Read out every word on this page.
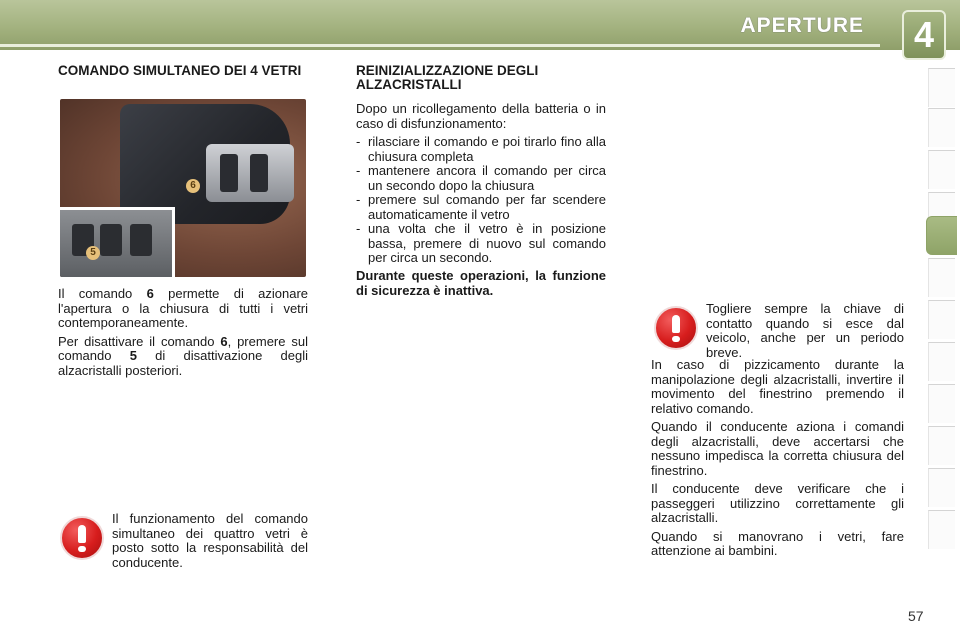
APERTURE	4
COMANDO SIMULTANEO DEI 4 VETRI
6
5

Il comando 6 permette di azionare l'apertura o la chiusura di tutti i vetri contemporaneamente.

Per disattivare il comando 6, premere sul comando 5 di disattivazione degli alzacristalli posteriori.

Il funzionamento del comando simultaneo dei quattro vetri è posto sotto la responsabilità del conducente.
REINIZIALIZZAZIONE DEGLI ALZACRISTALLI

Dopo un ricollegamento della batteria o in caso di disfunzionamento:

- rilasciare il comando e poi tirarlo fino alla chiusura completa
- mantenere ancora il comando per circa un secondo dopo la chiusura
- premere sul comando per far scendere automaticamente il vetro
- una volta che il vetro è in posizione bassa, premere di nuovo sul comando per circa un secondo.
Durante queste operazioni, la funzione di sicurezza è inattiva.
Togliere sempre la chiave di contatto quando si esce dal veicolo, anche per un periodo breve.

In caso di pizzicamento durante la manipolazione degli alzacristalli, invertire il movimento del finestrino premendo il relativo comando.

Quando il conducente aziona i comandi degli alzacristalli, deve accertarsi che nessuno impedisca la corretta chiusura del finestrino.

Il conducente deve verificare che i passeggeri utilizzino correttamente gli alzacristalli.

Quando si manovrano i vetri, fare attenzione ai bambini.

57
